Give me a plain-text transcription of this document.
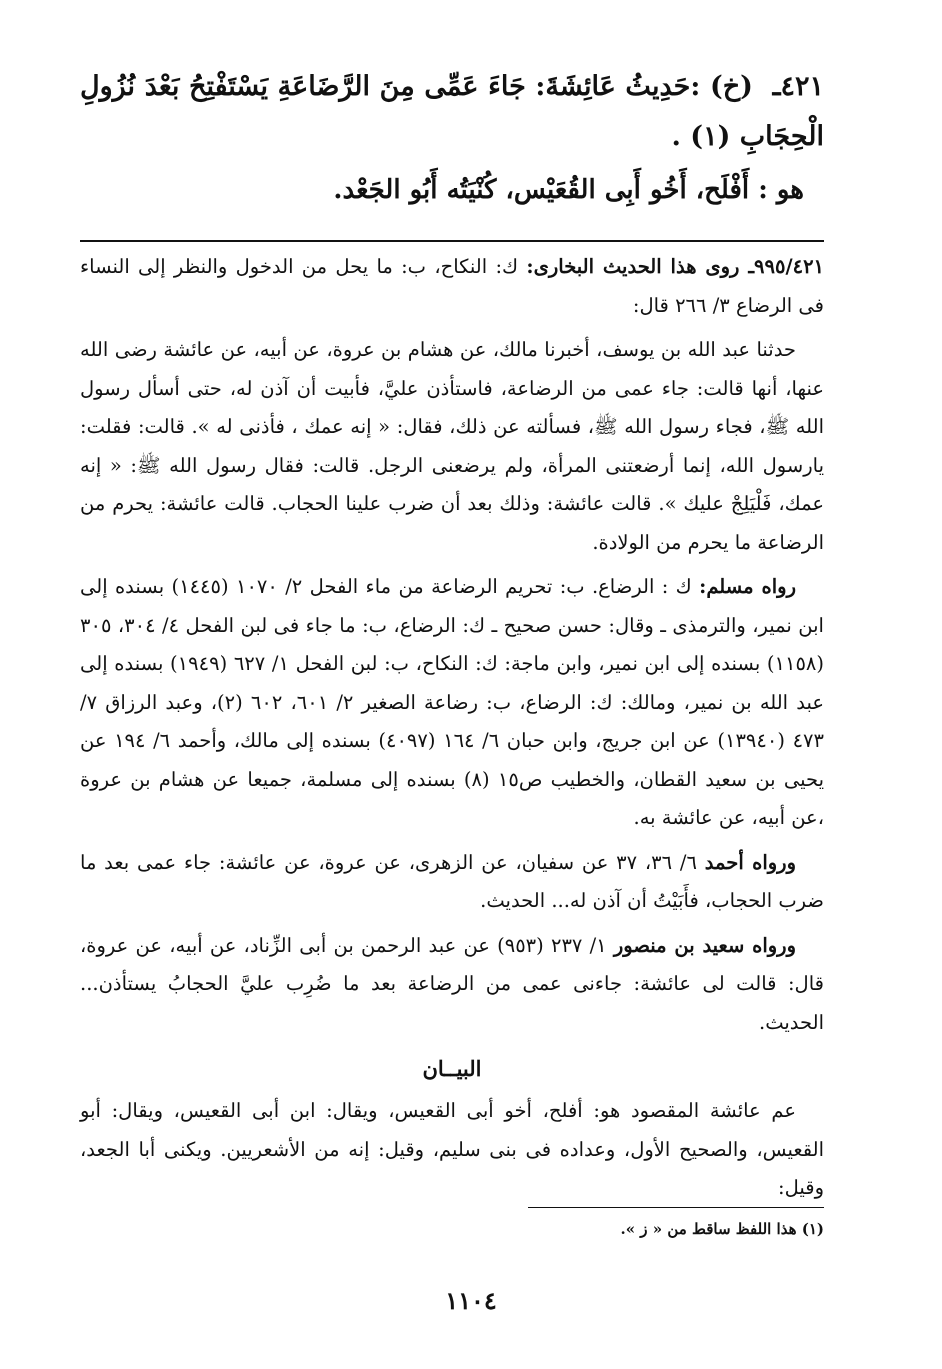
٤٢١ـ (خ) :حَدِيثُ عَائِشَةَ: جَاءَ عَمِّى مِنَ الرَّضَاعَةِ يَسْتَفْتِحُ بَعْدَ نُزُولِ الْحِجَابِ (١) .

هو : أَفْلَح، أَخُو أَبِى القُعَيْس، كُنْيَتُه أَبُو الجَعْد.

٩٩٥/٤٢١ـ روى هذا الحديث البخارى: ك: النكاح، ب: ما يحل من الدخول والنظر إلى النساء فى الرضاع ٣/ ٢٦٦ قال:

حدثنا عبد الله بن يوسف، أخبرنا مالك، عن هشام بن عروة، عن أبيه، عن عائشة رضى الله عنها، أنها قالت: جاء عمى من الرضاعة، فاستأذن عليَّ، فأبيت أن آذن له، حتى أسأل رسول الله ﷺ، فجاء رسول الله ﷺ، فسألته عن ذلك، فقال: « إنه عمك ، فأذنى له ». قالت: فقلت: يارسول الله، إنما أرضعتنى المرأة، ولم يرضعنى الرجل. قالت: فقال رسول الله ﷺ: « إنه عمك، فَلْيَلِجْ عليك ». قالت عائشة: وذلك بعد أن ضرب علينا الحجاب. قالت عائشة: يحرم من الرضاعة ما يحرم من الولادة.

رواه مسلم: ك : الرضاع. ب: تحريم الرضاعة من ماء الفحل ٢/ ١٠٧٠ (١٤٤٥) بسنده إلى ابن نمير، والترمذى ـ وقال: حسن صحيح ـ ك: الرضاع، ب: ما جاء فى لبن الفحل ٤/ ٣٠٤، ٣٠٥ (١١٥٨) بسنده إلى ابن نمير، وابن ماجة: ك: النكاح، ب: لبن الفحل ١/ ٦٢٧ (١٩٤٩) بسنده إلى عبد الله بن نمير، ومالك: ك: الرضاع، ب: رضاعة الصغير ٢/ ٦٠١، ٦٠٢ (٢)، وعبد الرزاق ٧/ ٤٧٣ (١٣٩٤٠) عن ابن جريج، وابن حبان ٦/ ١٦٤ (٤٠٩٧) بسنده إلى مالك، وأحمد ٦/ ١٩٤ عن يحيى بن سعيد القطان، والخطيب ص١٥ (٨) بسنده إلى مسلمة، جميعا عن هشام بن عروة ،عن أبيه، عن عائشة به.

ورواه أحمد ٦/ ٣٦، ٣٧ عن سفيان، عن الزهرى، عن عروة، عن عائشة: جاء عمى بعد ما ضرب الحجاب، فأَبَيْتُ أن آذن له... الحديث.

ورواه سعيد بن منصور ١/ ٢٣٧ (٩٥٣) عن عبد الرحمن بن أبى الزِّناد، عن أبيه، عن عروة، قال: قالت لى عائشة: جاءنى عمى من الرضاعة بعد ما ضُرِب عليَّ الحجابُ يستأذن... الحديث.

البيــان

عم عائشة المقصود هو: أفلح، أخو أبى القعيس، ويقال: ابن أبى القعيس، ويقال: أبو القعيس، والصحيح الأول، وعداده فى بنى سليم، وقيل: إنه من الأشعريين. ويكنى أبا الجعد، وقيل:

(١) هذا اللفظ ساقط من « ز ».
١١٠٤
